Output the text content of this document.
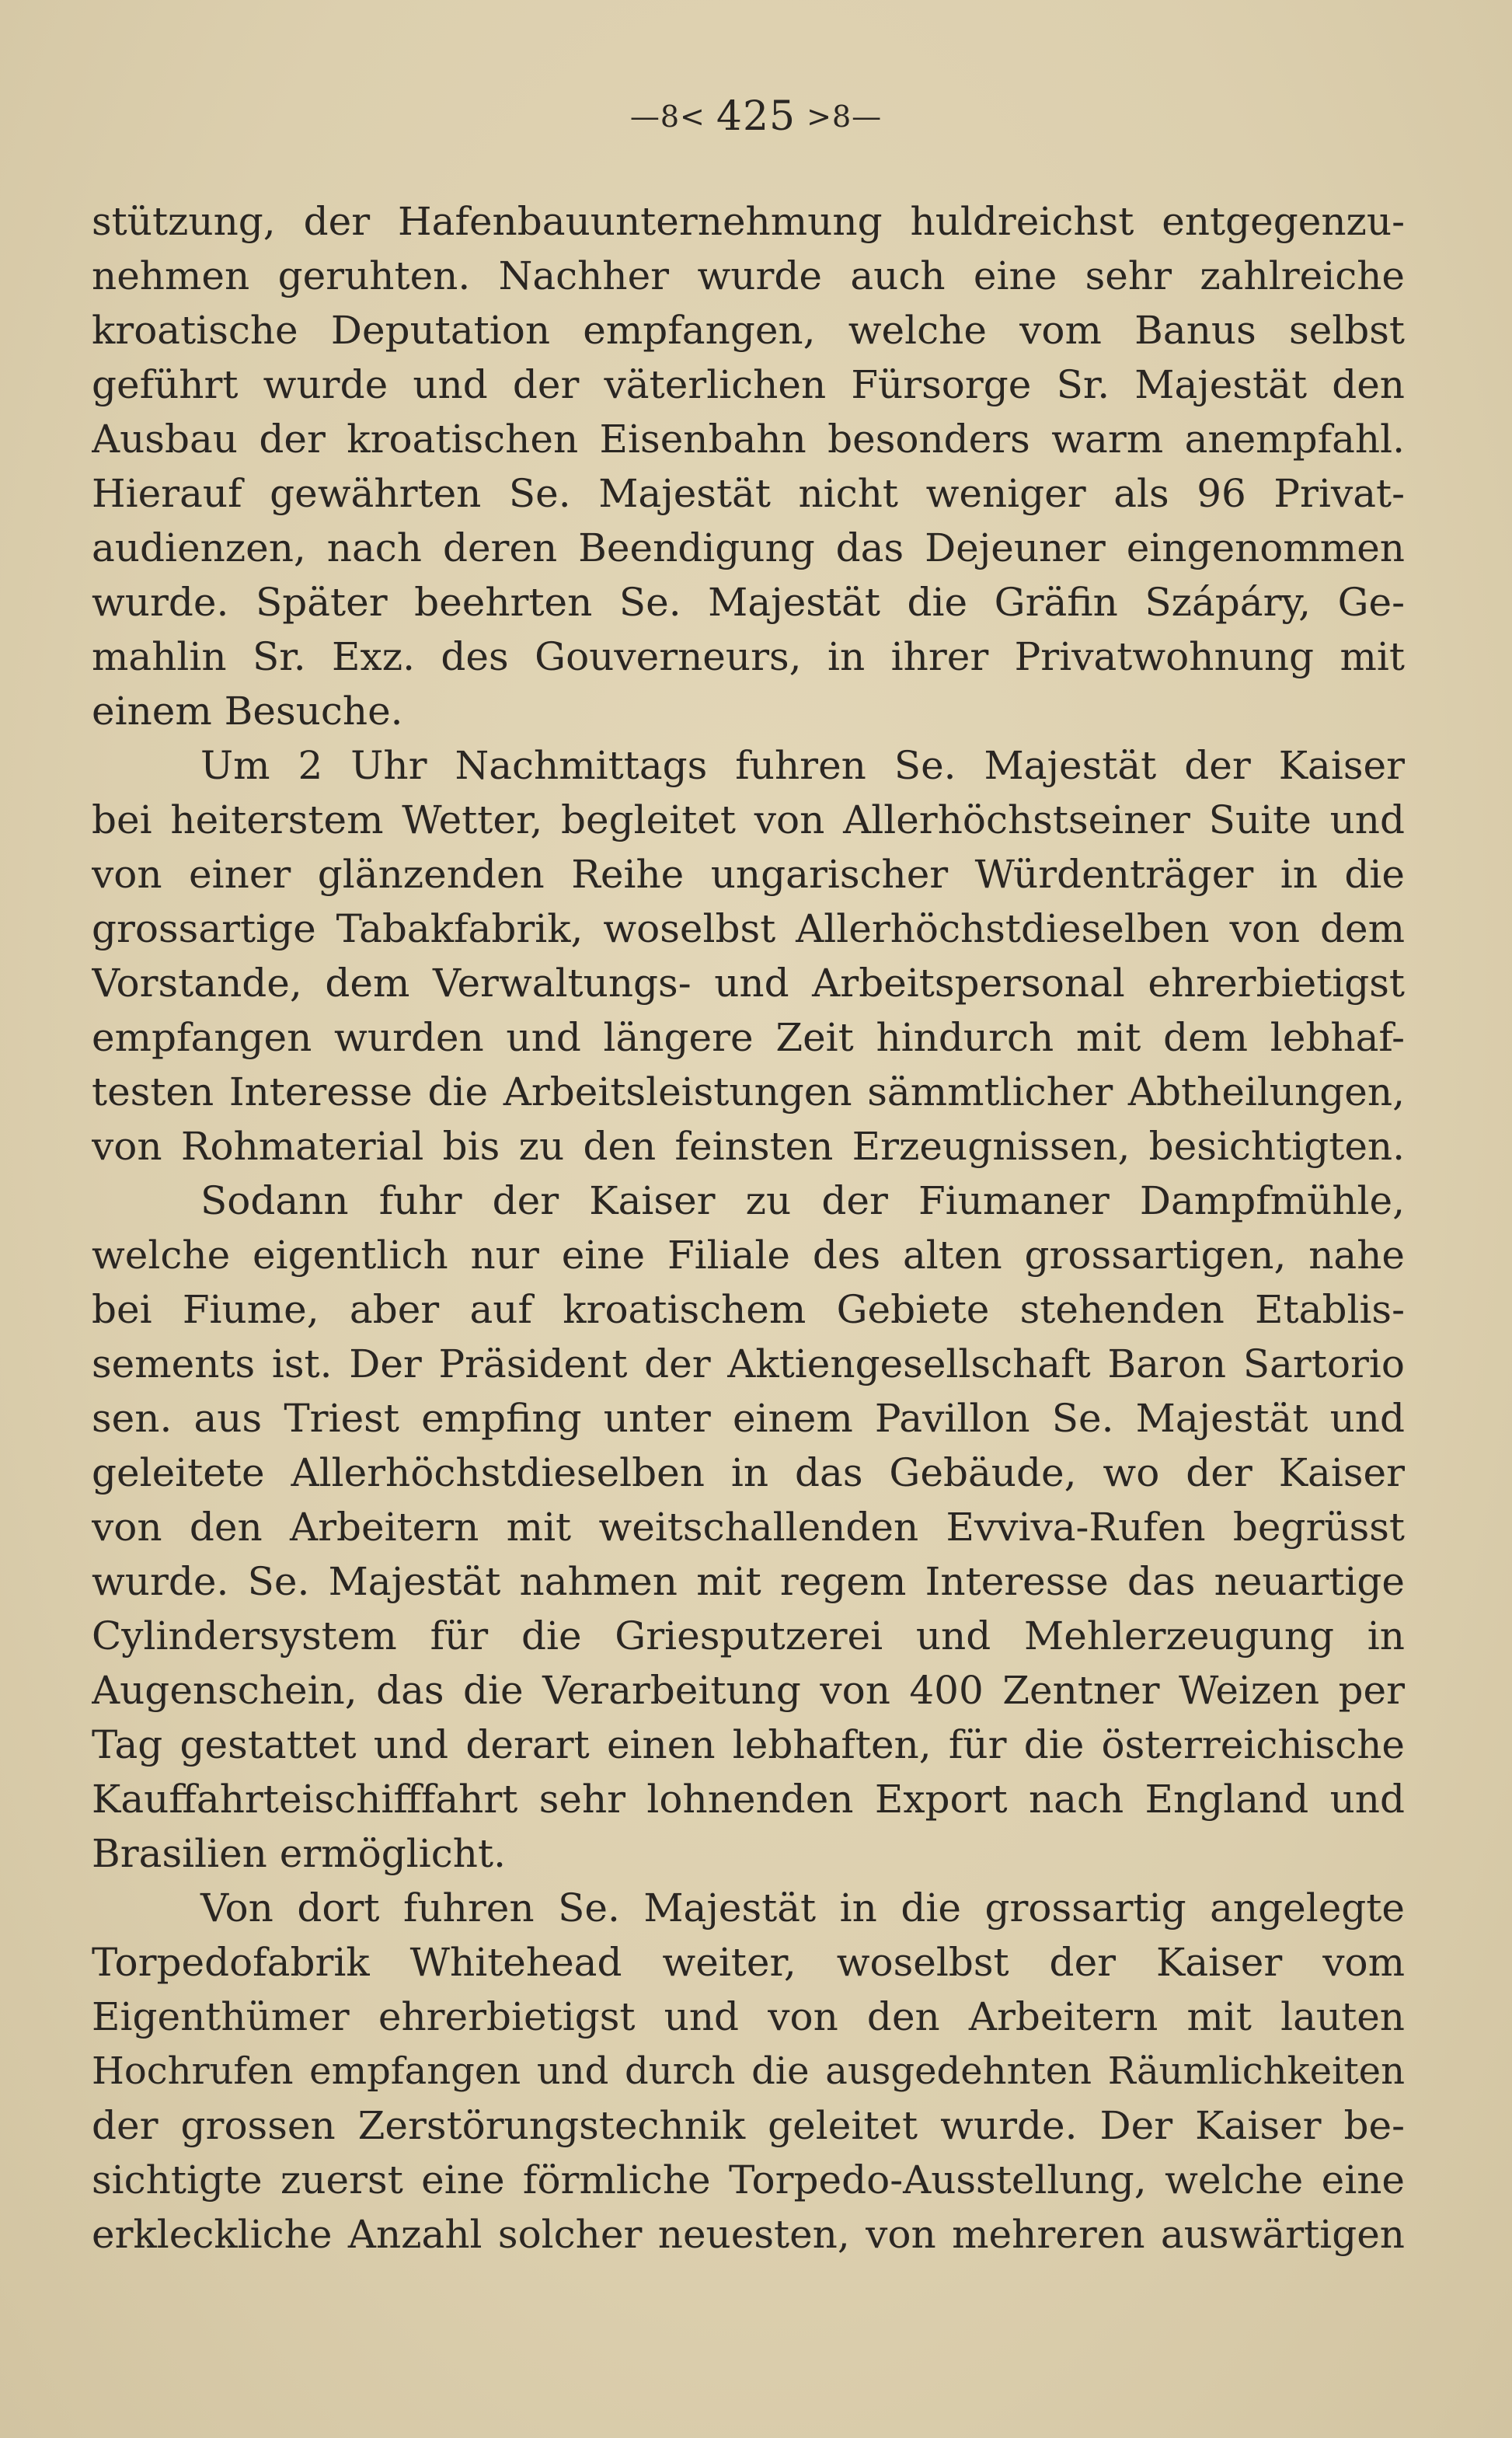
—8< 425 >8—
stützung, der Hafenbauunternehmung huldreichst entgegenzu-
nehmen geruhten. Nachher wurde auch eine sehr zahlreiche
kroatische Deputation empfangen, welche vom Banus selbst
geführt wurde und der väterlichen Fürsorge Sr. Majestät den
Ausbau der kroatischen Eisenbahn besonders warm anempfahl.
Hierauf gewährten Se. Majestät nicht weniger als 96 Privat-
audienzen, nach deren Beendigung das Dejeuner eingenommen
wurde. Später beehrten Se. Majestät die Gräfin Szápáry, Ge-
mahlin Sr. Exz. des Gouverneurs, in ihrer Privatwohnung mit
einem Besuche.
Um 2 Uhr Nachmittags fuhren Se. Majestät der Kaiser
bei heiterstem Wetter, begleitet von Allerhöchstseiner Suite und
von einer glänzenden Reihe ungarischer Würdenträger in die
grossartige Tabakfabrik, woselbst Allerhöchstdieselben von dem
Vorstande, dem Verwaltungs- und Arbeitspersonal ehrerbietigst
empfangen wurden und längere Zeit hindurch mit dem lebhaf-
testen Interesse die Arbeitsleistungen sämmtlicher Abtheilungen,
von Rohmaterial bis zu den feinsten Erzeugnissen, besichtigten.
Sodann fuhr der Kaiser zu der Fiumaner Dampfmühle,
welche eigentlich nur eine Filiale des alten grossartigen, nahe
bei Fiume, aber auf kroatischem Gebiete stehenden Etablis-
sements ist. Der Präsident der Aktiengesellschaft Baron Sartorio
sen. aus Triest empfing unter einem Pavillon Se. Majestät und
geleitete Allerhöchstdieselben in das Gebäude, wo der Kaiser
von den Arbeitern mit weitschallenden Evviva-Rufen begrüsst
wurde. Se. Majestät nahmen mit regem Interesse das neuartige
Cylindersystem für die Griesputzerei und Mehlerzeugung in
Augenschein, das die Verarbeitung von 400 Zentner Weizen per
Tag gestattet und derart einen lebhaften, für die österreichische
Kauffahrteischifffahrt sehr lohnenden Export nach England und
Brasilien ermöglicht.
Von dort fuhren Se. Majestät in die grossartig angelegte
Torpedofabrik Whitehead weiter, woselbst der Kaiser vom
Eigenthümer ehrerbietigst und von den Arbeitern mit lauten
Hochrufen empfangen und durch die ausgedehnten Räumlichkeiten
der grossen Zerstörungstechnik geleitet wurde. Der Kaiser be-
sichtigte zuerst eine förmliche Torpedo-Ausstellung, welche eine
erkleckliche Anzahl solcher neuesten, von mehreren auswärtigen
